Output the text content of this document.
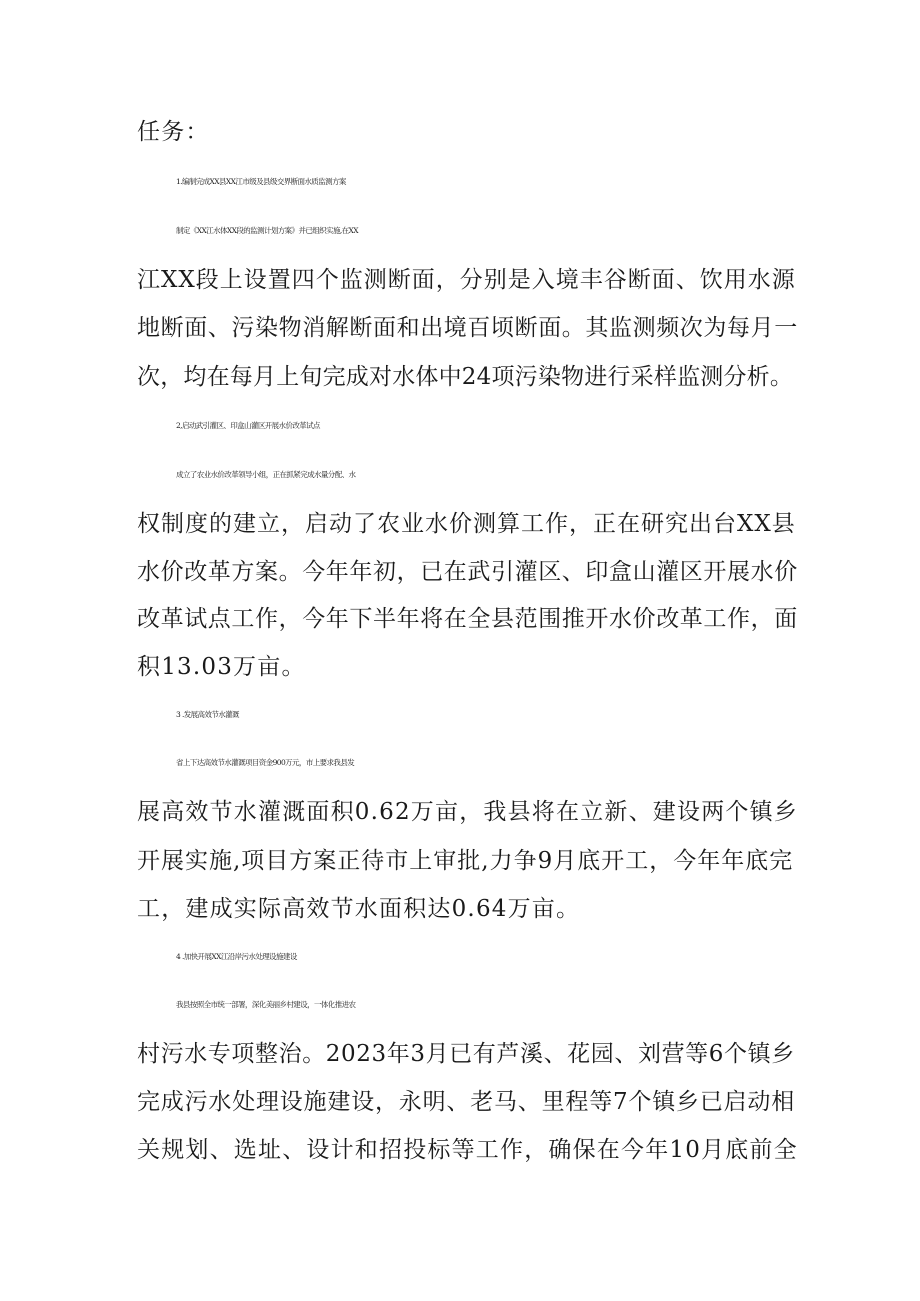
任务：
1.编制完成XX县XX江市级及县级交界断面水质监测方案
制定《XX江水体XX段的监测计划方案》并已组织实施,在XX
江XX段上设置四个监测断面，分别是入境丰谷断面、饮用水源
地断面、污染物消解断面和出境百顷断面。其监测频次为每月一
次，均在每月上旬完成对水体中24项污染物进行采样监测分析。
2,启动武引灌区、印盒山灌区开展水价改革试点
成立了农业水价改革领导小组，正在抓紧完成水量分配、水
权制度的建立，启动了农业水价测算工作，正在研究出台XX县
水价改革方案。今年年初，已在武引灌区、印盒山灌区开展水价
改革试点工作，今年下半年将在全县范围推开水价改革工作，面
积13.03万亩。
3 .发展高效节水灌溉
省上下达高效节水灌溉项目资金900万元，市上要求我县发
展高效节水灌溉面积0.62万亩，我县将在立新、建设两个镇乡
开展实施,项目方案正待市上审批,力争9月底开工，今年年底完
工，建成实际高效节水面积达0.64万亩。
4 .加快开展XX江沿岸污水处理设施建设
我县按照全市统一部署，深化美丽乡村建设，一体化推进农
村污水专项整治。2023年3月已有芦溪、花园、刘营等6个镇乡
完成污水处理设施建设，永明、老马、里程等7个镇乡已启动相
关规划、选址、设计和招投标等工作，确保在今年10月底前全
